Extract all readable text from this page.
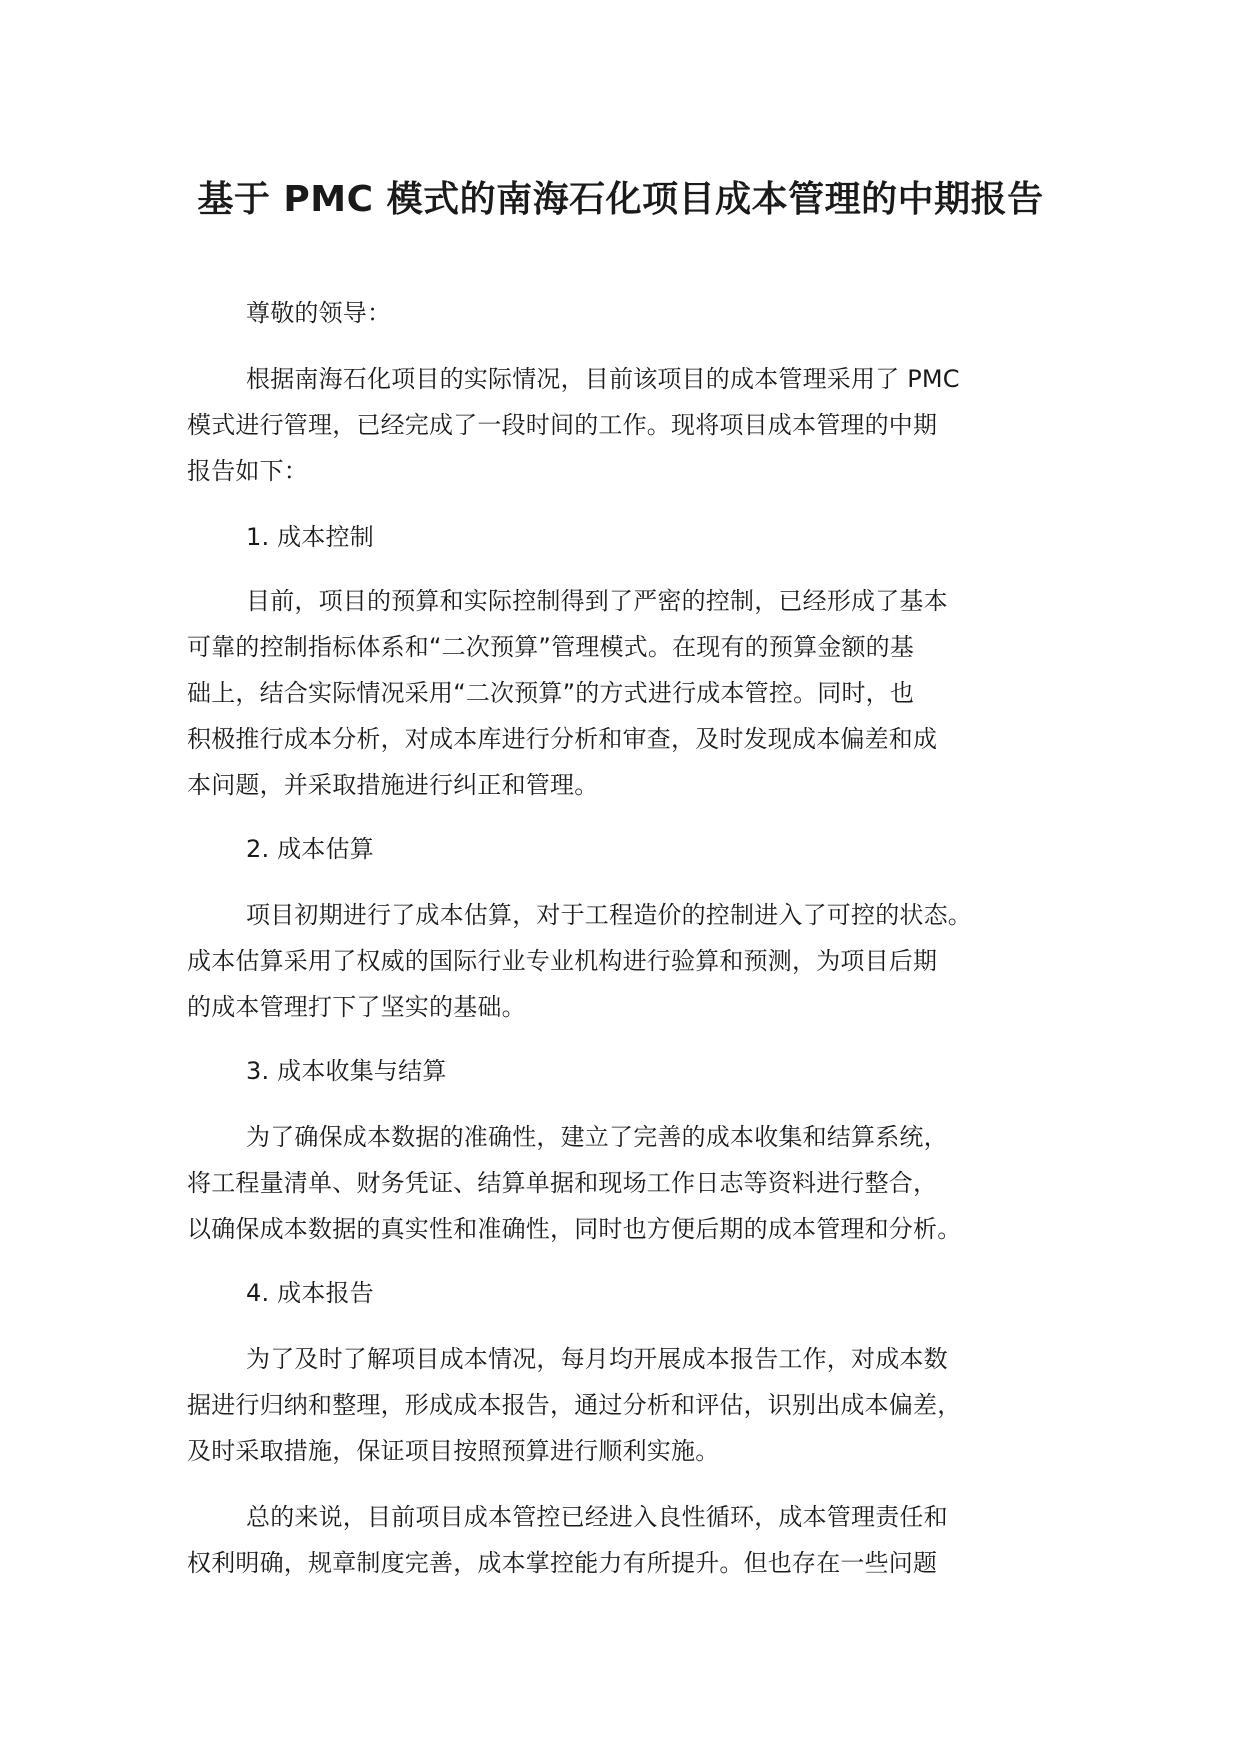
基于 PMC 模式的南海石化项目成本管理的中期报告
尊敬的领导：
根据南海石化项目的实际情况，目前该项目的成本管理采用了 PMC
模式进行管理，已经完成了一段时间的工作。现将项目成本管理的中期
报告如下：
1. 成本控制
目前，项目的预算和实际控制得到了严密的控制，已经形成了基本
可靠的控制指标体系和“二次预算”管理模式。在现有的预算金额的基
础上，结合实际情况采用“二次预算”的方式进行成本管控。同时，也
积极推行成本分析，对成本库进行分析和审查，及时发现成本偏差和成
本问题，并采取措施进行纠正和管理。
2. 成本估算
项目初期进行了成本估算，对于工程造价的控制进入了可控的状态。
成本估算采用了权威的国际行业专业机构进行验算和预测，为项目后期
的成本管理打下了坚实的基础。
3. 成本收集与结算
为了确保成本数据的准确性，建立了完善的成本收集和结算系统，
将工程量清单、财务凭证、结算单据和现场工作日志等资料进行整合，
以确保成本数据的真实性和准确性，同时也方便后期的成本管理和分析。
4. 成本报告
为了及时了解项目成本情况，每月均开展成本报告工作，对成本数
据进行归纳和整理，形成成本报告，通过分析和评估，识别出成本偏差，
及时采取措施，保证项目按照预算进行顺利实施。
总的来说，目前项目成本管控已经进入良性循环，成本管理责任和
权利明确，规章制度完善，成本掌控能力有所提升。但也存在一些问题
